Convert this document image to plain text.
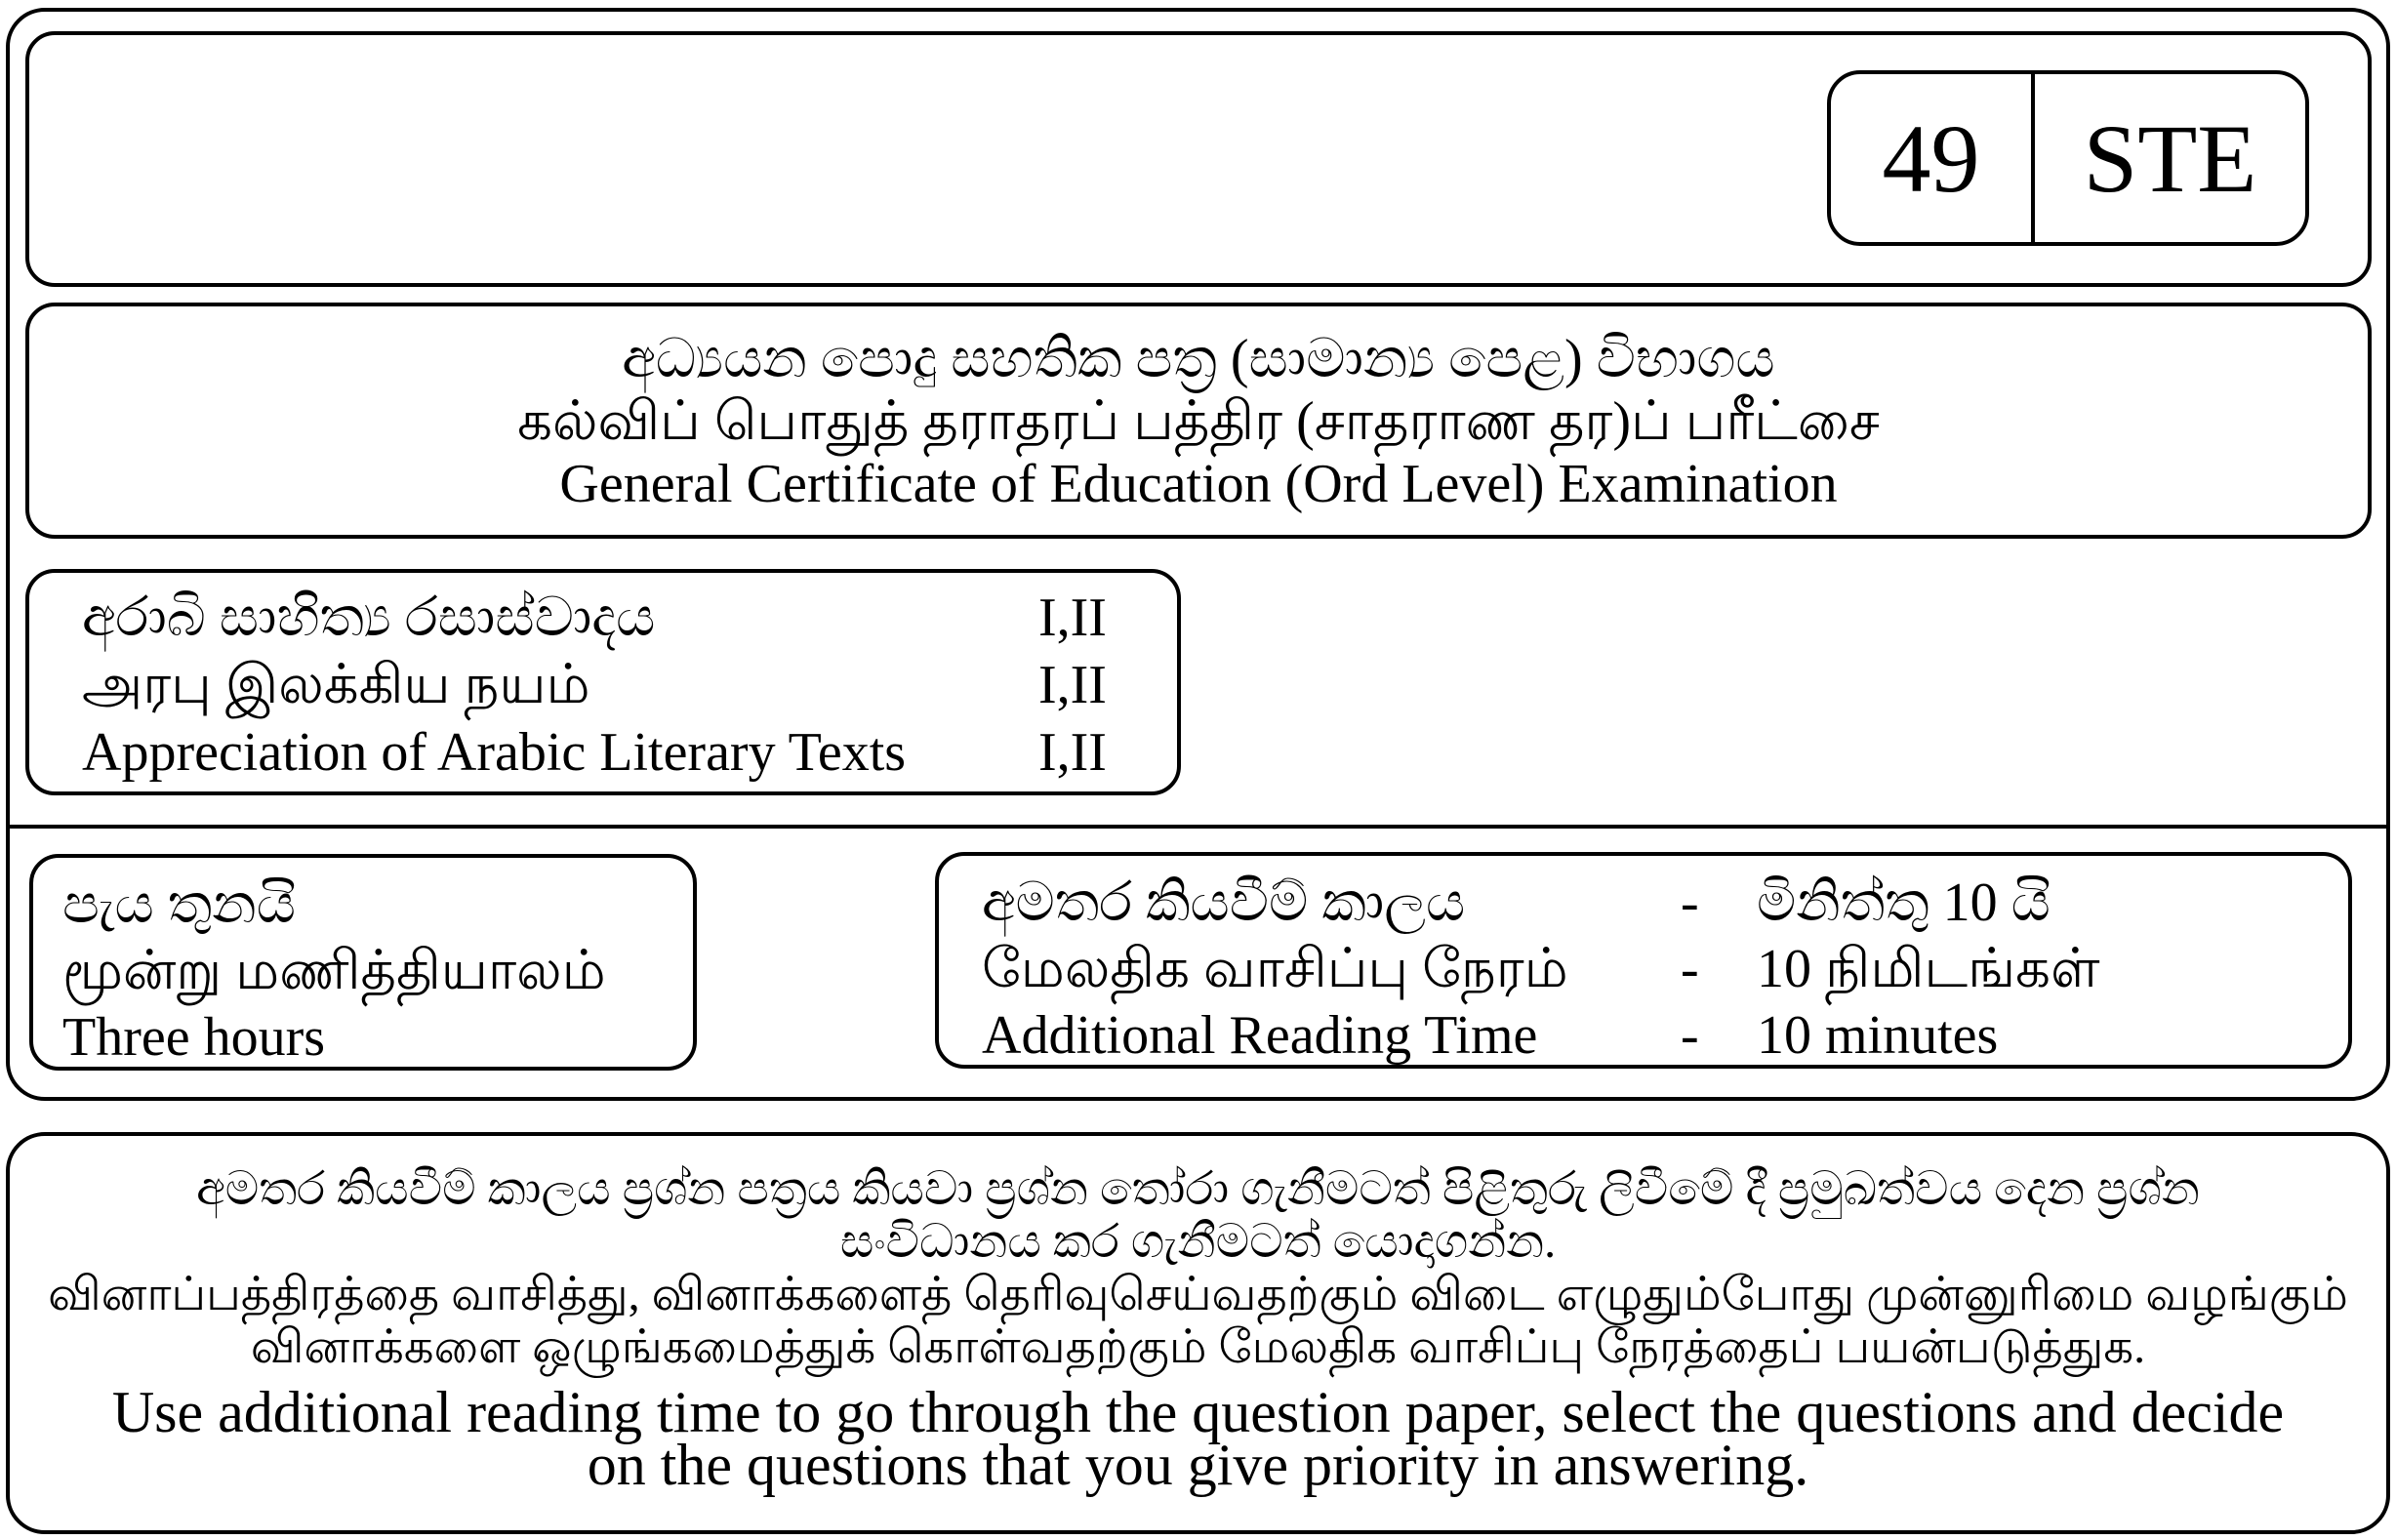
49	STE
අධ්‍යයන පොදු සහතික පත්‍ර (සාමාන්‍ය පෙළ) විභාගය
கல்விப் பொதுத் தராதரப் பத்திர (சாதராண தர)ப் பரீட்சை
General Certificate of Education (Ord Level) Examination
අරාබි සාහිත්‍ය රසාස්වාදය	I,II
அரபு இலக்கிய நயம்	I,II
Appreciation of Arabic Literary Texts	I,II
පැය තුනයි
மூன்று மணித்தியாலம்
Three hours
අමතර කියවීම් කාලය	-	මිනිත්තු 10 යි
மேலதிக வாசிப்பு நேரம்	-	10 நிமிடங்கள்
Additional Reading Time	-	10 minutes
අමතර කියවීම් කාලය ප්‍රශ්න පත්‍රය කියවා ප්‍රශ්න තෝරා ගැනීමටත් පිළිතුරු ලිවීමේ දී ප්‍රමුඛත්වය දෙන ප්‍රශ්න
සංවිධානය කර ගැනීමටත් යොදාගන්න.
வினாப்பத்திரத்தை வாசித்து, வினாக்களைத் தெரிவுசெய்வதற்கும் விடை எழுதும்போது முன்னுரிமை வழங்கும்
வினாக்களை ஒழுங்கமைத்துக் கொள்வதற்கும் மேலதிக வாசிப்பு நேரத்தைப் பயன்படுத்துக.
Use additional reading time to go through the question paper, select the questions and decide
on the questions that you give priority in answering.
